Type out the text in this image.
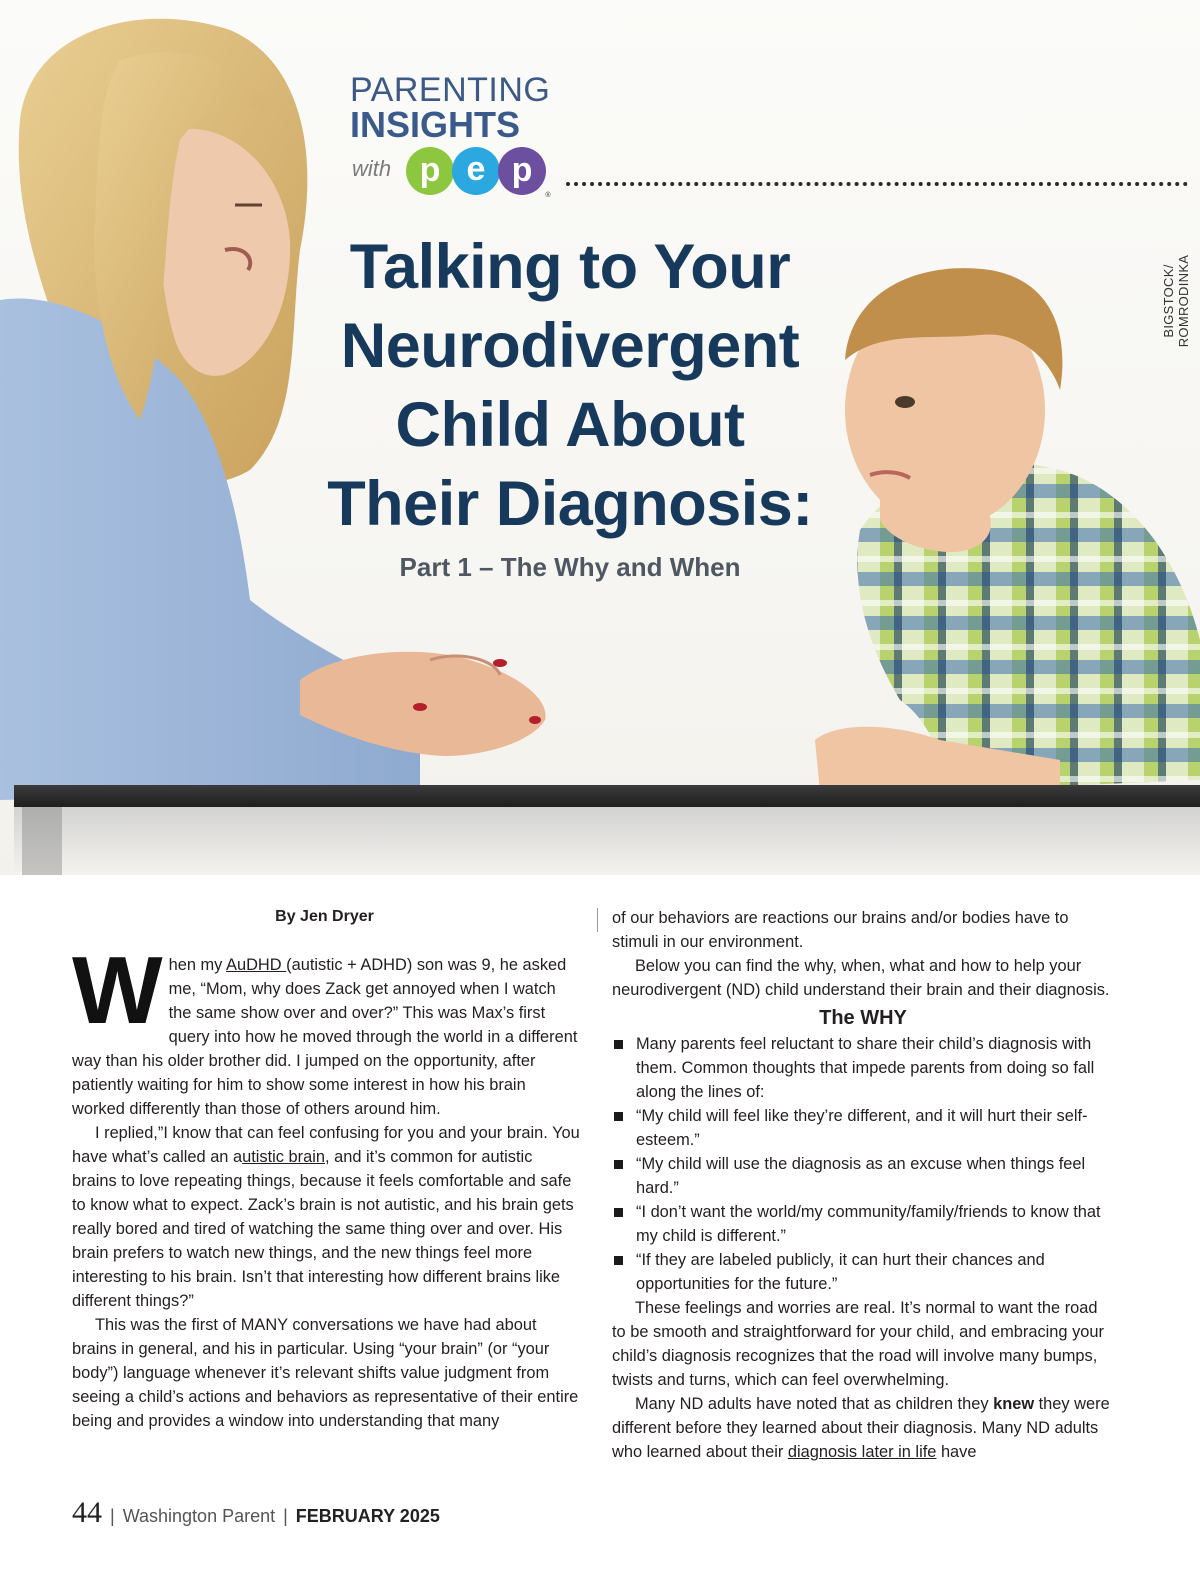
PARENTING
INSIGHTS
with p e p
®
BIGSTOCK/ ROMRODINKA
Talking to Your
Neurodivergent
Child About
Their Diagnosis:
Part 1 – The Why and When
By Jen Dryer

When my AuDHD (autistic + ADHD) son was 9, he asked me, “Mom, why does Zack get annoyed when I watch the same show over and over?” This was Max’s first query into how he moved through the world in a different way than his older brother did. I jumped on the opportunity, after patiently waiting for him to show some interest in how his brain worked differently than those of others around him.

I replied,”I know that can feel confusing for you and your brain. You have what’s called an autistic brain, and it’s common for autistic brains to love repeating things, because it feels comfortable and safe to know what to expect. Zack’s brain is not autistic, and his brain gets really bored and tired of watching the same thing over and over. His brain prefers to watch new things, and the new things feel more interesting to his brain. Isn’t that interesting how different brains like different things?”

This was the first of MANY conversations we have had about brains in general, and his in particular. Using “your brain” (or “your body”) language whenever it’s relevant shifts value judgment from seeing a child’s actions and behaviors as representative of their entire being and provides a window into understanding that many

of our behaviors are reactions our brains and/or bodies have to stimuli in our environment.

Below you can find the why, when, what and how to help your neurodivergent (ND) child understand their brain and their diagnosis.

The WHY
Many parents feel reluctant to share their child’s diagnosis with them. Common thoughts that impede parents from doing so fall along the lines of:
“My child will feel like they’re different, and it will hurt their self-esteem.”
“My child will use the diagnosis as an excuse when things feel hard.”
“I don’t want the world/my community/family/friends to know that my child is different.”
“If they are labeled publicly, it can hurt their chances and opportunities for the future.”

These feelings and worries are real. It’s normal to want the road to be smooth and straightforward for your child, and embracing your child’s diagnosis recognizes that the road will involve many bumps, twists and turns, which can feel overwhelming.

Many ND adults have noted that as children they knew they were different before they learned about their diagnosis. Many ND adults who learned about their diagnosis later in life have

44 | Washington Parent | FEBRUARY 2025
